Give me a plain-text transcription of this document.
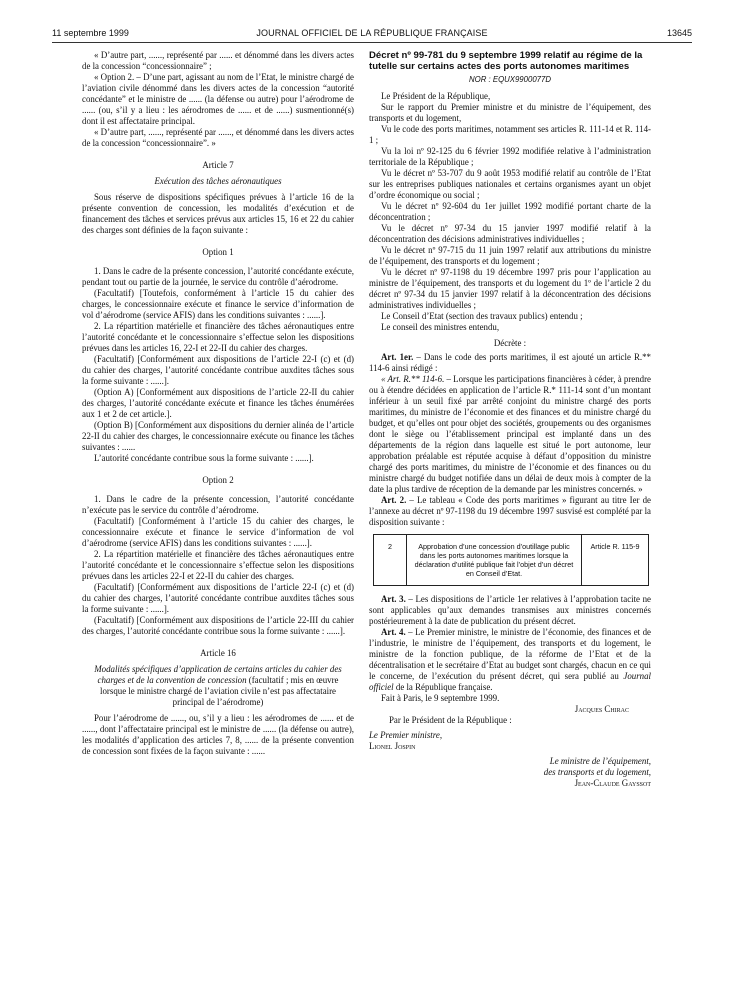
11 septembre 1999	JOURNAL OFFICIEL DE LA RÉPUBLIQUE FRANÇAISE	13645

« D’autre part, ......, représenté par ...... et dénommé dans les divers actes de la concession “concessionnaire” ;

« Option 2. – D’une part, agissant au nom de l’Etat, le ministre chargé de l’aviation civile dénommé dans les divers actes de la concession “autorité concédante” et le ministre de ...... (la défense ou autre) pour l’aérodrome de ...... (ou, s’il y a lieu : les aérodromes de ...... et de ......) susmentionné(s) dont il est affectataire principal.

« D’autre part, ......, représenté par ......, et dénommé dans les divers actes de la concession “concessionnaire”. »

Article 7

Exécution des tâches aéronautiques

Sous réserve de dispositions spécifiques prévues à l’article 16 de la présente convention de concession, les modalités d’exécution et de financement des tâches et services prévus aux articles 15, 16 et 22 du cahier des charges sont définies de la façon suivante :

Option 1

1. Dans le cadre de la présente concession, l’autorité concédante exécute, pendant tout ou partie de la journée, le service du contrôle d’aérodrome.

(Facultatif) [Toutefois, conformément à l’article 15 du cahier des charges, le concessionnaire exécute et finance le service d’information de vol d’aérodrome (service AFIS) dans les conditions suivantes : ......].

2. La répartition matérielle et financière des tâches aéronautiques entre l’autorité concédante et le concessionnaire s’effectue selon les dispositions prévues dans les articles 16, 22-I et 22-II du cahier des charges.

(Facultatif) [Conformément aux dispositions de l’article 22-I (c) et (d) du cahier des charges, l’autorité concédante contribue auxdites tâches sous la forme suivante : ......].

(Option A) [Conformément aux dispositions de l’article 22-II du cahier des charges, l’autorité concédante exécute et finance les tâches énumérées aux 1 et 2 de cet article.].

(Option B) [Conformément aux dispositions du dernier alinéa de l’article 22-II du cahier des charges, le concessionnaire exécute ou finance les tâches suivantes : ......

L’autorité concédante contribue sous la forme suivante : ......].

Option 2

1. Dans le cadre de la présente concession, l’autorité concédante n’exécute pas le service du contrôle d’aérodrome.

(Facultatif) [Conformément à l’article 15 du cahier des charges, le concessionnaire exécute et finance le service d’information de vol d’aérodrome (service AFIS) dans les conditions suivantes : ......].

2. La répartition matérielle et financière des tâches aéronautiques entre l’autorité concédante et le concessionnaire s’effectue selon les dispositions prévues dans les articles 22-I et 22-II du cahier des charges.

(Facultatif) [Conformément aux dispositions de l’article 22-I (c) et (d) du cahier des charges, l’autorité concédante contribue auxdites tâches sous la forme suivante : ......].

(Facultatif) [Conformément aux dispositions de l’article 22-III du cahier des charges, l’autorité concédante contribue sous la forme suivante : ......].

Article 16

Modalités spécifiques d’application de certains articles du cahier des charges et de la convention de concession (facultatif ; mis en œuvre lorsque le ministre chargé de l’aviation civile n’est pas affectataire principal de l’aérodrome)

Pour l’aérodrome de ......, ou, s’il y a lieu : les aérodromes de ...... et de ......, dont l’affectataire principal est le ministre de ...... (la défense ou autre), les modalités d’application des articles 7, 8, ...... de la présente convention de concession sont fixées de la façon suivante : ......

Décret nº 99-781 du 9 septembre 1999 relatif au régime de la tutelle sur certains actes des ports autonomes maritimes

NOR : EQUX9900077D

Le Président de la République,

Sur le rapport du Premier ministre et du ministre de l’équipement, des transports et du logement,

Vu le code des ports maritimes, notamment ses articles R. 111-14 et R. 114-1 ;

Vu la loi nº 92-125 du 6 février 1992 modifiée relative à l’administration territoriale de la République ;

Vu le décret nº 53-707 du 9 août 1953 modifié relatif au contrôle de l’Etat sur les entreprises publiques nationales et certains organismes ayant un objet d’ordre économique ou social ;

Vu le décret nº 92-604 du 1er juillet 1992 modifié portant charte de la déconcentration ;

Vu le décret nº 97-34 du 15 janvier 1997 modifié relatif à la déconcentration des décisions administratives individuelles ;

Vu le décret nº 97-715 du 11 juin 1997 relatif aux attributions du ministre de l’équipement, des transports et du logement ;

Vu le décret nº 97-1198 du 19 décembre 1997 pris pour l’application au ministre de l’équipement, des transports et du logement du 1º de l’article 2 du décret nº 97-34 du 15 janvier 1997 relatif à la déconcentration des décisions administratives individuelles ;

Le Conseil d’Etat (section des travaux publics) entendu ;

Le conseil des ministres entendu,

Décrète :

Art. 1er. – Dans le code des ports maritimes, il est ajouté un article R.** 114-6 ainsi rédigé :

« Art. R.** 114-6. – Lorsque les participations financières à céder, à prendre ou à étendre décidées en application de l’article R.* 111-14 sont d’un montant inférieur à un seuil fixé par arrêté conjoint du ministre chargé des ports maritimes, du ministre de l’économie et des finances et du ministre chargé du budget, et qu’elles ont pour objet des sociétés, groupements ou des organismes dont le siège ou l’établissement principal est implanté dans un des départements de la région dans laquelle est situé le port autonome, leur approbation préalable est réputée acquise à défaut d’opposition du ministre chargé des ports maritimes, du ministre de l’économie et des finances ou du ministre chargé du budget notifiée dans un délai de deux mois à compter de la date la plus tardive de réception de la demande par les ministres concernés. »

Art. 2. – Le tableau « Code des ports maritimes » figurant au titre Ier de l’annexe au décret nº 97-1198 du 19 décembre 1997 susvisé est complété par la disposition suivante :

2	Approbation d’une concession d’outillage public dans les ports autonomes maritimes lorsque la déclaration d’utilité publique fait l’objet d’un décret en Conseil d’Etat.	Article R. 115-9

Art. 3. – Les dispositions de l’article 1er relatives à l’approbation tacite ne sont applicables qu’aux demandes transmises aux ministres concernés postérieurement à la date de publication du présent décret.

Art. 4. – Le Premier ministre, le ministre de l’économie, des finances et de l’industrie, le ministre de l’équipement, des transports et du logement, le ministre de la fonction publique, de la réforme de l’Etat et de la décentralisation et le secrétaire d’Etat au budget sont chargés, chacun en ce qui le concerne, de l’exécution du présent décret, qui sera publié au Journal officiel de la République française.

Fait à Paris, le 9 septembre 1999.

Jacques Chirac

Par le Président de la République :

Le Premier ministre,

Lionel Jospin

Le ministre de l’équipement,

des transports et du logement,

Jean-Claude Gayssot
